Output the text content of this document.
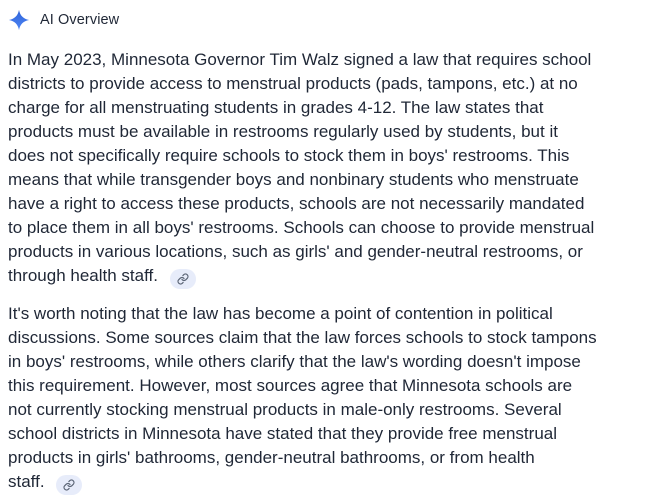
AI Overview
In May 2023, Minnesota Governor Tim Walz signed a law that requires school
districts to provide access to menstrual products (pads, tampons, etc.) at no
charge for all menstruating students in grades 4-12. The law states that
products must be available in restrooms regularly used by students, but it
does not specifically require schools to stock them in boys' restrooms. This
means that while transgender boys and nonbinary students who menstruate
have a right to access these products, schools are not necessarily mandated
to place them in all boys' restrooms. Schools can choose to provide menstrual
products in various locations, such as girls' and gender-neutral restrooms, or
through health staff.
It's worth noting that the law has become a point of contention in political
discussions. Some sources claim that the law forces schools to stock tampons
in boys' restrooms, while others clarify that the law's wording doesn't impose
this requirement. However, most sources agree that Minnesota schools are
not currently stocking menstrual products in male-only restrooms. Several
school districts in Minnesota have stated that they provide free menstrual
products in girls' bathrooms, gender-neutral bathrooms, or from health
staff.
